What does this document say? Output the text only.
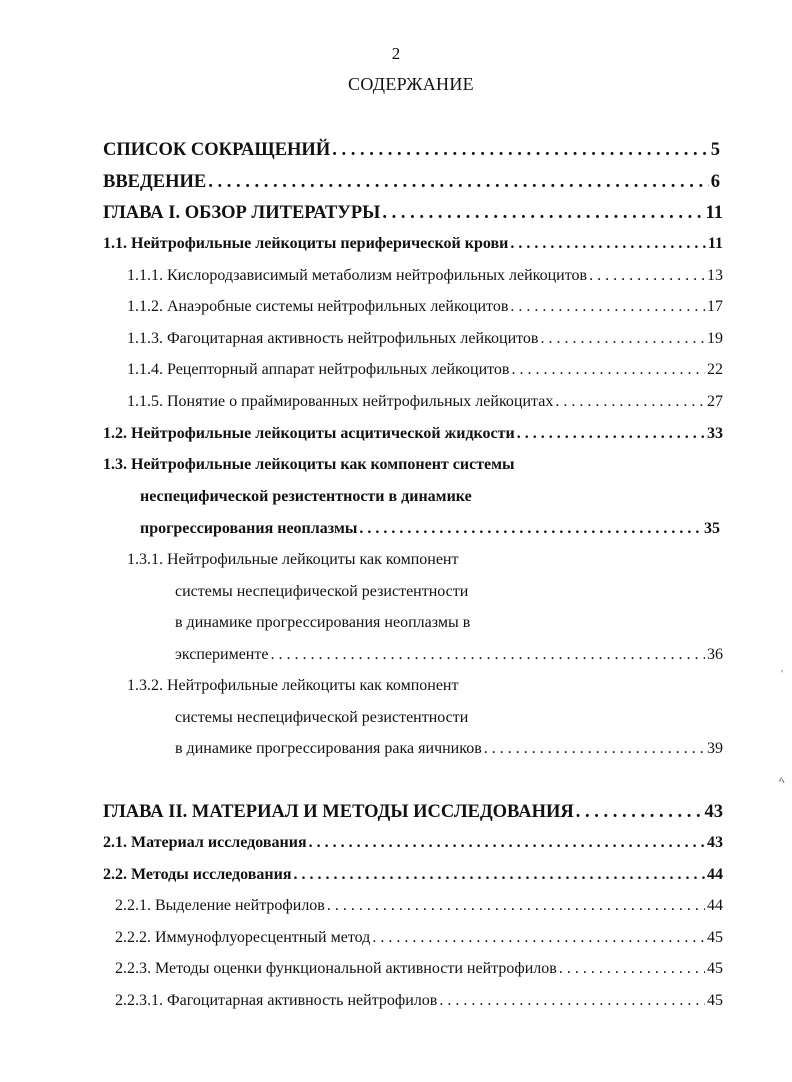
2
СОДЕРЖАНИЕ
СПИСОК СОКРАЩЕНИЙ . . .	5
ВВЕДЕНИЕ . . .	6
ГЛАВА I. ОБЗОР ЛИТЕРАТУРЫ . . .	11
1.1. Нейтрофильные лейкоциты периферической крови . . .	11
1.1.1. Кислородзависимый метаболизм нейтрофильных лейкоцитов . . .	13
1.1.2. Анаэробные системы нейтрофильных лейкоцитов . . .	17
1.1.3. Фагоцитарная активность нейтрофильных лейкоцитов . . .	19
1.1.4. Рецепторный аппарат нейтрофильных лейкоцитов . . .	22
1.1.5. Понятие о праймированных нейтрофильных лейкоцитах . . .	27
1.2. Нейтрофильные лейкоциты асцитической жидкости . . .	33
1.3. Нейтрофильные лейкоциты как компонент системы
неспецифической резистентности в динамике
прогрессирования неоплазмы . . .	35
1.3.1. Нейтрофильные лейкоциты как компонент
системы неспецифической резистентности
в динамике прогрессирования неоплазмы в
эксперименте . . .	36
1.3.2. Нейтрофильные лейкоциты как компонент
системы неспецифической резистентности
в динамике прогрессирования рака яичников . . .	39
ГЛАВА II. МАТЕРИАЛ И МЕТОДЫ ИССЛЕДОВАНИЯ . . .	43
2.1. Материал исследования . . .	43
2.2. Методы исследования . . .	44
2.2.1. Выделение нейтрофилов . . .	44
2.2.2. Иммунофлуоресцентный метод . . .	45
2.2.3. Методы оценки функциональной активности нейтрофилов . . .	45
2.2.3.1. Фагоцитарная активность нейтрофилов . . .	45
'
ﾍ
